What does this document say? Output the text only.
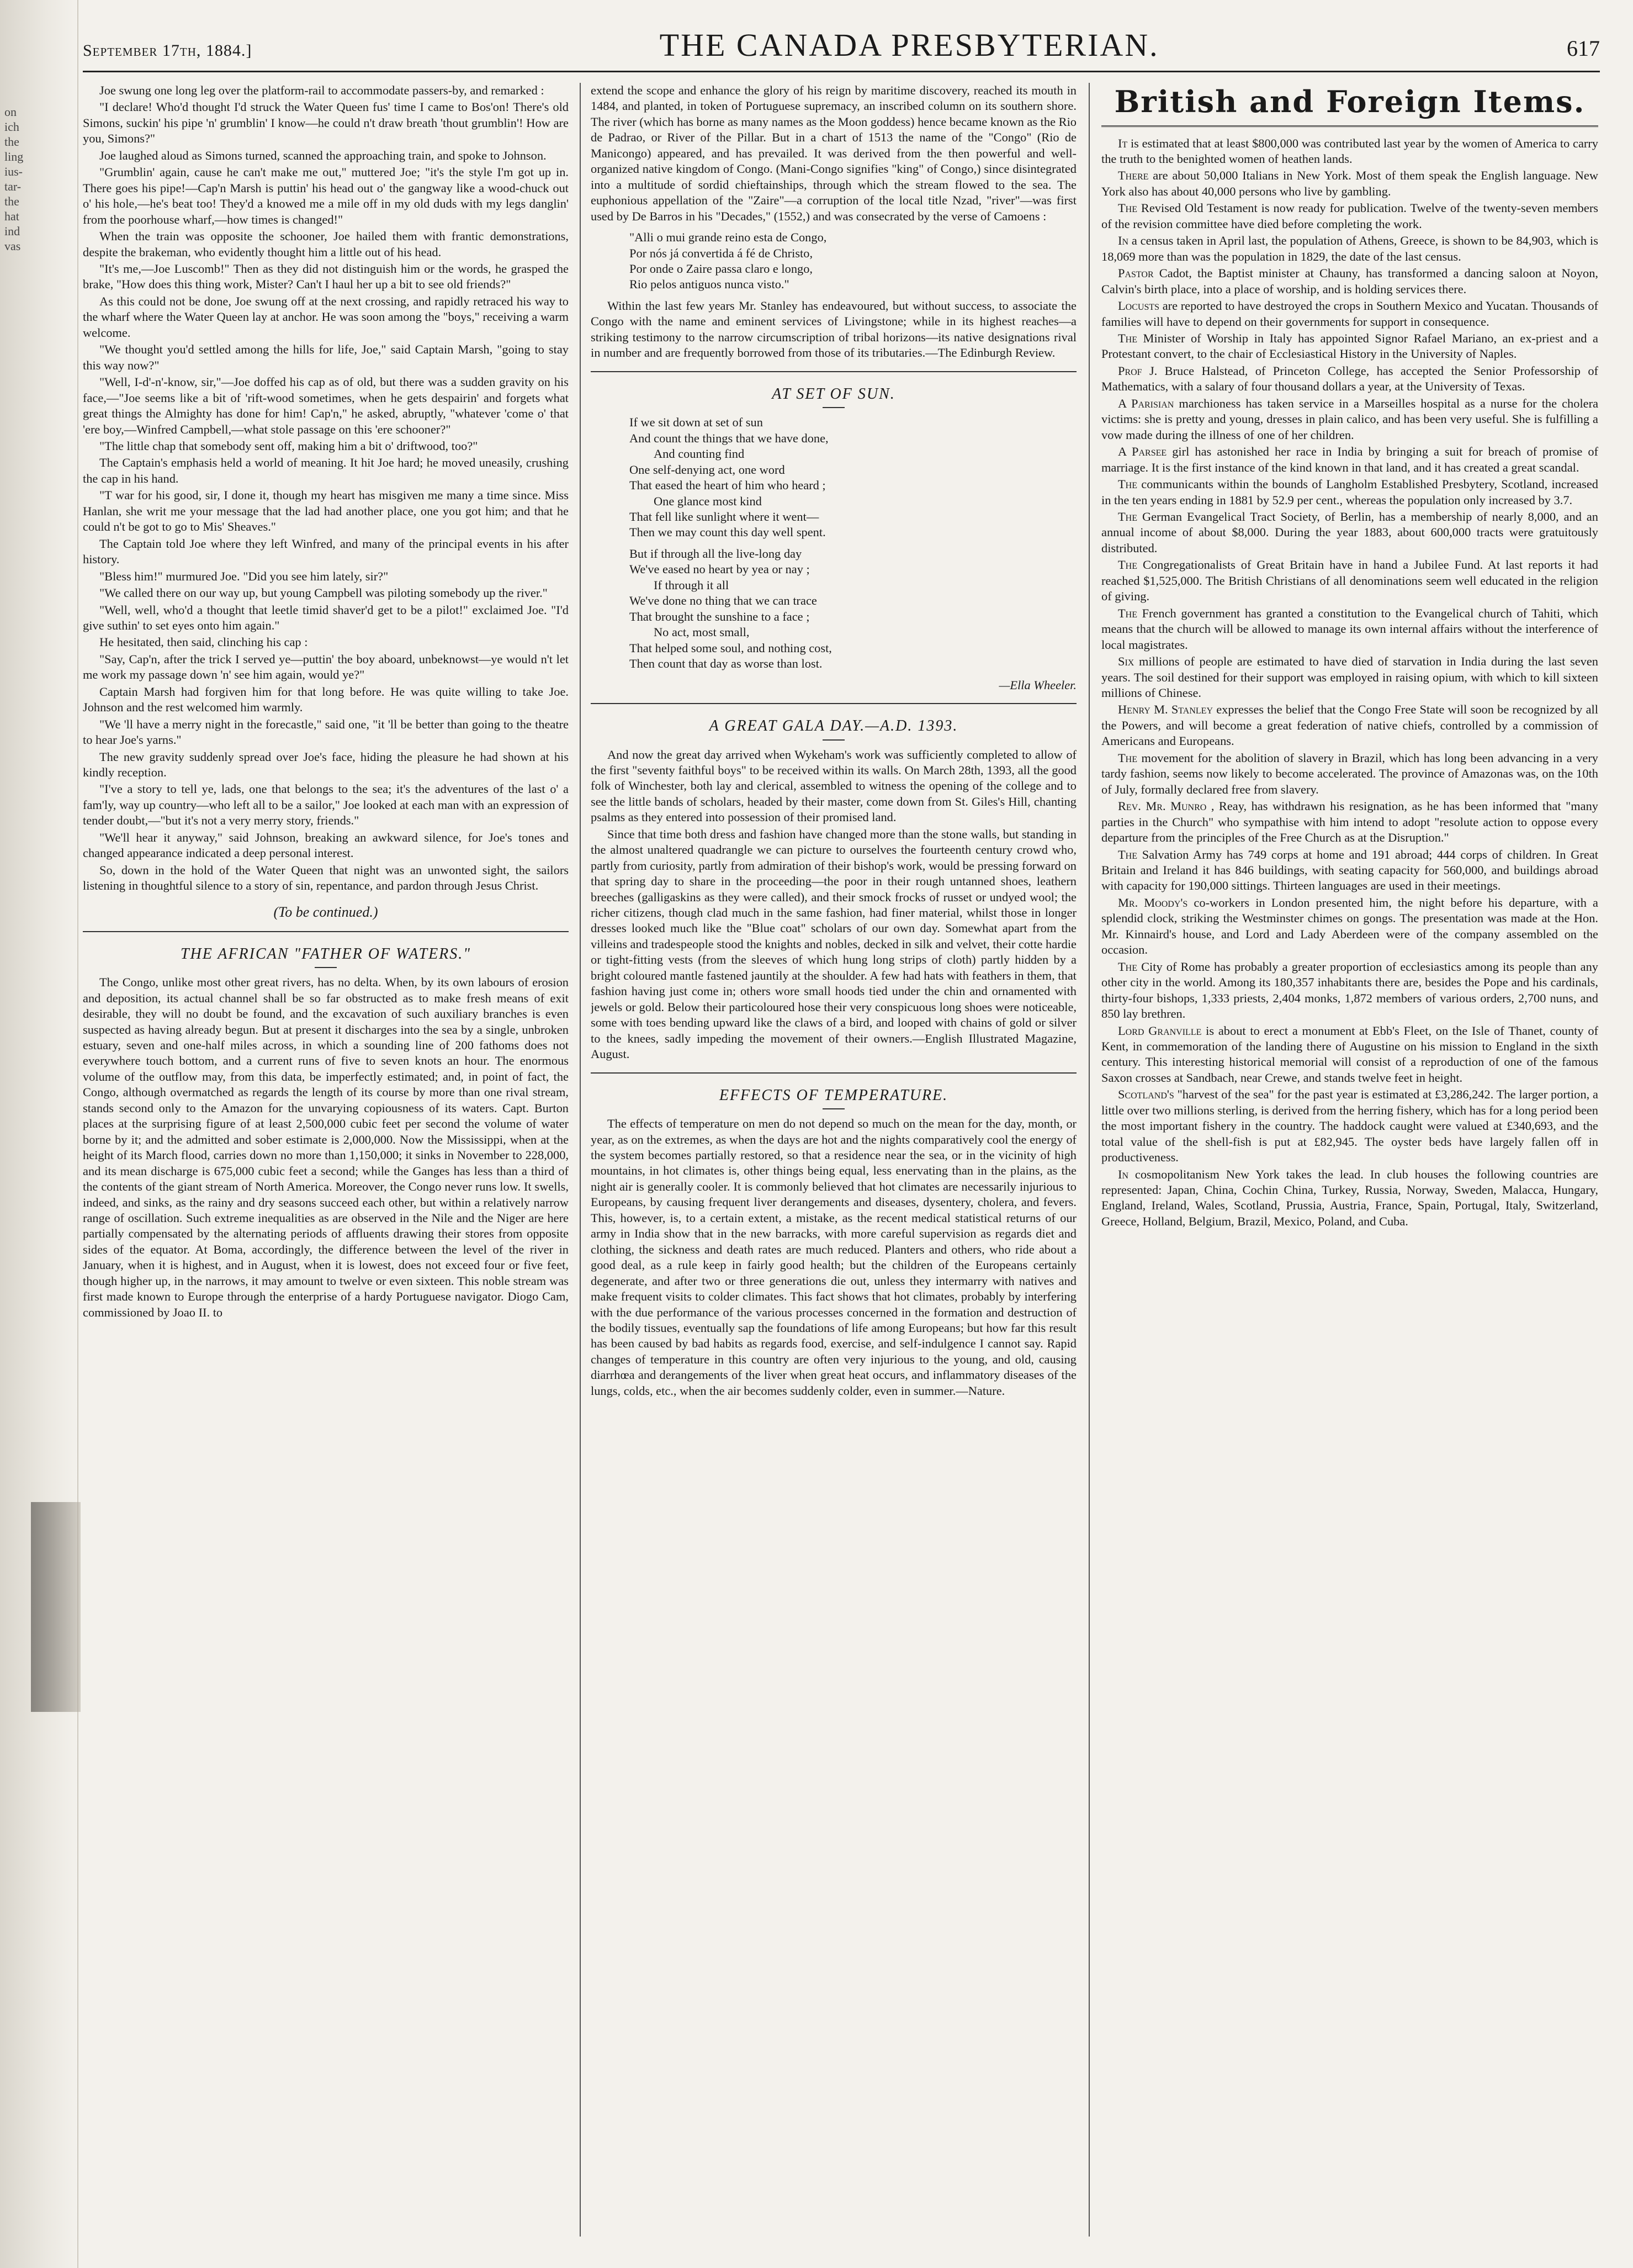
on
ich
the
ling
ius-
tar-
the
hat
ind
vas
September 17th, 1884.]	THE CANADA PRESBYTERIAN.	617

Joe swung one long leg over the platform-rail to accommodate passers-by, and remarked :

"I declare! Who'd thought I'd struck the Water Queen fus' time I came to Bos'on! There's old Simons, suckin' his pipe 'n' grumblin' I know—he could n't draw breath 'thout grumblin'! How are you, Simons?"

Joe laughed aloud as Simons turned, scanned the approaching train, and spoke to Johnson.

"Grumblin' again, cause he can't make me out," muttered Joe; "it's the style I'm got up in. There goes his pipe!—Cap'n Marsh is puttin' his head out o' the gangway like a wood-chuck out o' his hole,—he's beat too! They'd a knowed me a mile off in my old duds with my legs danglin' from the poorhouse wharf,—how times is changed!"

When the train was opposite the schooner, Joe hailed them with frantic demonstrations, despite the brakeman, who evidently thought him a little out of his head.

"It's me,—Joe Luscomb!" Then as they did not distinguish him or the words, he grasped the brake, "How does this thing work, Mister? Can't I haul her up a bit to see old friends?"

As this could not be done, Joe swung off at the next crossing, and rapidly retraced his way to the wharf where the Water Queen lay at anchor. He was soon among the "boys," receiving a warm welcome.

"We thought you'd settled among the hills for life, Joe," said Captain Marsh, "going to stay this way now?"

"Well, I-d'-n'-know, sir,"—Joe doffed his cap as of old, but there was a sudden gravity on his face,—"Joe seems like a bit of 'rift-wood sometimes, when he gets despairin' and forgets what great things the Almighty has done for him! Cap'n," he asked, abruptly, "whatever 'come o' that 'ere boy,—Winfred Campbell,—what stole passage on this 'ere schooner?"

"The little chap that somebody sent off, making him a bit o' driftwood, too?"

The Captain's emphasis held a world of meaning. It hit Joe hard; he moved uneasily, crushing the cap in his hand.

"T war for his good, sir, I done it, though my heart has misgiven me many a time since. Miss Hanlan, she writ me your message that the lad had another place, one you got him; and that he could n't be got to go to Mis' Sheaves."

The Captain told Joe where they left Winfred, and many of the principal events in his after history.

"Bless him!" murmured Joe. "Did you see him lately, sir?"

"We called there on our way up, but young Campbell was piloting somebody up the river."

"Well, well, who'd a thought that leetle timid shaver'd get to be a pilot!" exclaimed Joe. "I'd give suthin' to set eyes onto him again."

He hesitated, then said, clinching his cap :

"Say, Cap'n, after the trick I served ye—puttin' the boy aboard, unbeknowst—ye would n't let me work my passage down 'n' see him again, would ye?"

Captain Marsh had forgiven him for that long before. He was quite willing to take Joe. Johnson and the rest welcomed him warmly.

"We 'll have a merry night in the forecastle," said one, "it 'll be better than going to the theatre to hear Joe's yarns."

The new gravity suddenly spread over Joe's face, hiding the pleasure he had shown at his kindly reception.

"I've a story to tell ye, lads, one that belongs to the sea; it's the adventures of the last o' a fam'ly, way up country—who left all to be a sailor," Joe looked at each man with an expression of tender doubt,—"but it's not a very merry story, friends."

"We'll hear it anyway," said Johnson, breaking an awkward silence, for Joe's tones and changed appearance indicated a deep personal interest.

So, down in the hold of the Water Queen that night was an unwonted sight, the sailors listening in thoughtful silence to a story of sin, repentance, and pardon through Jesus Christ.

(To be continued.)
THE AFRICAN "FATHER OF WATERS."

The Congo, unlike most other great rivers, has no delta. When, by its own labours of erosion and deposition, its actual channel shall be so far obstructed as to make fresh means of exit desirable, they will no doubt be found, and the excavation of such auxiliary branches is even suspected as having already begun. But at present it discharges into the sea by a single, unbroken estuary, seven and one-half miles across, in which a sounding line of 200 fathoms does not everywhere touch bottom, and a current runs of five to seven knots an hour. The enormous volume of the outflow may, from this data, be imperfectly estimated; and, in point of fact, the Congo, although overmatched as regards the length of its course by more than one rival stream, stands second only to the Amazon for the unvarying copiousness of its waters. Capt. Burton places at the surprising figure of at least 2,500,000 cubic feet per second the volume of water borne by it; and the admitted and sober estimate is 2,000,000. Now the Mississippi, when at the height of its March flood, carries down no more than 1,150,000; it sinks in November to 228,000, and its mean discharge is 675,000 cubic feet a second; while the Ganges has less than a third of the contents of the giant stream of North America. Moreover, the Congo never runs low. It swells, indeed, and sinks, as the rainy and dry seasons succeed each other, but within a relatively narrow range of oscillation. Such extreme inequalities as are observed in the Nile and the Niger are here partially compensated by the alternating periods of affluents drawing their stores from opposite sides of the equator. At Boma, accordingly, the difference between the level of the river in January, when it is highest, and in August, when it is lowest, does not exceed four or five feet, though higher up, in the narrows, it may amount to twelve or even sixteen. This noble stream was first made known to Europe through the enterprise of a hardy Portuguese navigator. Diogo Cam, commissioned by Joao II. to

extend the scope and enhance the glory of his reign by maritime discovery, reached its mouth in 1484, and planted, in token of Portuguese supremacy, an inscribed column on its southern shore. The river (which has borne as many names as the Moon goddess) hence became known as the Rio de Padrao, or River of the Pillar. But in a chart of 1513 the name of the "Congo" (Rio de Manicongo) appeared, and has prevailed. It was derived from the then powerful and well-organized native kingdom of Congo. (Mani-Congo signifies "king" of Congo,) since disintegrated into a multitude of sordid chieftainships, through which the stream flowed to the sea. The euphonious appellation of the "Zaire"—a corruption of the local title Nzad, "river"—was first used by De Barros in his "Decades," (1552,) and was consecrated by the verse of Camoens :

"Alli o mui grande reino esta de Congo,
Por nós já convertida á fé de Christo,
Por onde o Zaire passa claro e longo,
Rio pelos antiguos nunca visto."

Within the last few years Mr. Stanley has endeavoured, but without success, to associate the Congo with the name and eminent services of Livingstone; while in its highest reaches—a striking testimony to the narrow circumscription of tribal horizons—its native designations rival in number and are frequently borrowed from those of its tributaries.—The Edinburgh Review.

AT SET OF SUN.
If we sit down at set of sun
And count the things that we have done,
And counting find
One self-denying act, one word
That eased the heart of him who heard ;
One glance most kind
That fell like sunlight where it went—
Then we may count this day well spent.
But if through all the live-long day
We've eased no heart by yea or nay ;
If through it all
We've done no thing that we can trace
That brought the sunshine to a face ;
No act, most small,
That helped some soul, and nothing cost,
Then count that day as worse than lost.
—Ella Wheeler.
A GREAT GALA DAY.—A.D. 1393.

And now the great day arrived when Wykeham's work was sufficiently completed to allow of the first "seventy faithful boys" to be received within its walls. On March 28th, 1393, all the good folk of Winchester, both lay and clerical, assembled to witness the opening of the college and to see the little bands of scholars, headed by their master, come down from St. Giles's Hill, chanting psalms as they entered into possession of their promised land.

Since that time both dress and fashion have changed more than the stone walls, but standing in the almost unaltered quadrangle we can picture to ourselves the fourteenth century crowd who, partly from curiosity, partly from admiration of their bishop's work, would be pressing forward on that spring day to share in the proceeding—the poor in their rough untanned shoes, leathern breeches (galligaskins as they were called), and their smock frocks of russet or undyed wool; the richer citizens, though clad much in the same fashion, had finer material, whilst those in longer dresses looked much like the "Blue coat" scholars of our own day. Somewhat apart from the villeins and tradespeople stood the knights and nobles, decked in silk and velvet, their cotte hardie or tight-fitting vests (from the sleeves of which hung long strips of cloth) partly hidden by a bright coloured mantle fastened jauntily at the shoulder. A few had hats with feathers in them, that fashion having just come in; others wore small hoods tied under the chin and ornamented with jewels or gold. Below their particoloured hose their very conspicuous long shoes were noticeable, some with toes bending upward like the claws of a bird, and looped with chains of gold or silver to the knees, sadly impeding the movement of their owners.—English Illustrated Magazine, August.

EFFECTS OF TEMPERATURE.

The effects of temperature on men do not depend so much on the mean for the day, month, or year, as on the extremes, as when the days are hot and the nights comparatively cool the energy of the system becomes partially restored, so that a residence near the sea, or in the vicinity of high mountains, in hot climates is, other things being equal, less enervating than in the plains, as the night air is generally cooler. It is commonly believed that hot climates are necessarily injurious to Europeans, by causing frequent liver derangements and diseases, dysentery, cholera, and fevers. This, however, is, to a certain extent, a mistake, as the recent medical statistical returns of our army in India show that in the new barracks, with more careful supervision as regards diet and clothing, the sickness and death rates are much reduced. Planters and others, who ride about a good deal, as a rule keep in fairly good health; but the children of the Europeans certainly degenerate, and after two or three generations die out, unless they intermarry with natives and make frequent visits to colder climates. This fact shows that hot climates, probably by interfering with the due performance of the various processes concerned in the formation and destruction of the bodily tissues, eventually sap the foundations of life among Europeans; but how far this result has been caused by bad habits as regards food, exercise, and self-indulgence I cannot say. Rapid changes of temperature in this country are often very injurious to the young, and old, causing diarrhœa and derangements of the liver when great heat occurs, and inflammatory diseases of the lungs, colds, etc., when the air becomes suddenly colder, even in summer.—Nature.

British and Foreign Items.

It is estimated that at least $800,000 was contributed last year by the women of America to carry the truth to the benighted women of heathen lands.

There are about 50,000 Italians in New York. Most of them speak the English language. New York also has about 40,000 persons who live by gambling.

The Revised Old Testament is now ready for publication. Twelve of the twenty-seven members of the revision committee have died before completing the work.

In a census taken in April last, the population of Athens, Greece, is shown to be 84,903, which is 18,069 more than was the population in 1829, the date of the last census.

Pastor Cadot, the Baptist minister at Chauny, has transformed a dancing saloon at Noyon, Calvin's birth place, into a place of worship, and is holding services there.

Locusts are reported to have destroyed the crops in Southern Mexico and Yucatan. Thousands of families will have to depend on their governments for support in consequence.

The Minister of Worship in Italy has appointed Signor Rafael Mariano, an ex-priest and a Protestant convert, to the chair of Ecclesiastical History in the University of Naples.

Prof J. Bruce Halstead, of Princeton College, has accepted the Senior Professorship of Mathematics, with a salary of four thousand dollars a year, at the University of Texas.

A Parisian marchioness has taken service in a Marseilles hospital as a nurse for the cholera victims: she is pretty and young, dresses in plain calico, and has been very useful. She is fulfilling a vow made during the illness of one of her children.

A Parsee girl has astonished her race in India by bringing a suit for breach of promise of marriage. It is the first instance of the kind known in that land, and it has created a great scandal.

The communicants within the bounds of Langholm Established Presbytery, Scotland, increased in the ten years ending in 1881 by 52.9 per cent., whereas the population only increased by 3.7.

The German Evangelical Tract Society, of Berlin, has a membership of nearly 8,000, and an annual income of about $8,000. During the year 1883, about 600,000 tracts were gratuitously distributed.

The Congregationalists of Great Britain have in hand a Jubilee Fund. At last reports it had reached $1,525,000. The British Christians of all denominations seem well educated in the religion of giving.

The French government has granted a constitution to the Evangelical church of Tahiti, which means that the church will be allowed to manage its own internal affairs without the interference of local magistrates.

Six millions of people are estimated to have died of starvation in India during the last seven years. The soil destined for their support was employed in raising opium, with which to kill sixteen millions of Chinese.

Henry M. Stanley expresses the belief that the Congo Free State will soon be recognized by all the Powers, and will become a great federation of native chiefs, controlled by a commission of Americans and Europeans.

The movement for the abolition of slavery in Brazil, which has long been advancing in a very tardy fashion, seems now likely to become accelerated. The province of Amazonas was, on the 10th of July, formally declared free from slavery.

Rev. Mr. Munro , Reay, has withdrawn his resignation, as he has been informed that "many parties in the Church" who sympathise with him intend to adopt "resolute action to oppose every departure from the principles of the Free Church as at the Disruption."

The Salvation Army has 749 corps at home and 191 abroad; 444 corps of children. In Great Britain and Ireland it has 846 buildings, with seating capacity for 560,000, and buildings abroad with capacity for 190,000 sittings. Thirteen languages are used in their meetings.

Mr. Moody's co-workers in London presented him, the night before his departure, with a splendid clock, striking the Westminster chimes on gongs. The presentation was made at the Hon. Mr. Kinnaird's house, and Lord and Lady Aberdeen were of the company assembled on the occasion.

The City of Rome has probably a greater proportion of ecclesiastics among its people than any other city in the world. Among its 180,357 inhabitants there are, besides the Pope and his cardinals, thirty-four bishops, 1,333 priests, 2,404 monks, 1,872 members of various orders, 2,700 nuns, and 850 lay brethren.

Lord Granville is about to erect a monument at Ebb's Fleet, on the Isle of Thanet, county of Kent, in commemoration of the landing there of Augustine on his mission to England in the sixth century. This interesting historical memorial will consist of a reproduction of one of the famous Saxon crosses at Sandbach, near Crewe, and stands twelve feet in height.

Scotland's "harvest of the sea" for the past year is estimated at £3,286,242. The larger portion, a little over two millions sterling, is derived from the herring fishery, which has for a long period been the most important fishery in the country. The haddock caught were valued at £340,693, and the total value of the shell-fish is put at £82,945. The oyster beds have largely fallen off in productiveness.

In cosmopolitanism New York takes the lead. In club houses the following countries are represented: Japan, China, Cochin China, Turkey, Russia, Norway, Sweden, Malacca, Hungary, England, Ireland, Wales, Scotland, Prussia, Austria, France, Spain, Portugal, Italy, Switzerland, Greece, Holland, Belgium, Brazil, Mexico, Poland, and Cuba.
